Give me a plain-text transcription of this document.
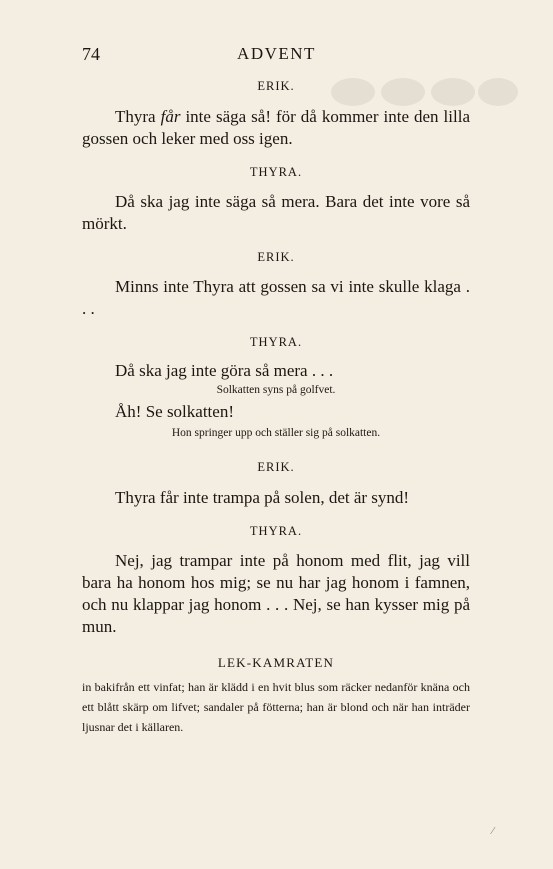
74	ADVENT

ERIK.

Thyra får inte säga så! för då kommer inte den lilla gossen och leker med oss igen.

THYRA.

Då ska jag inte säga så mera. Bara det inte vore så mörkt.

ERIK.

Minns inte Thyra att gossen sa vi inte skulle klaga . . .

THYRA.

Då ska jag inte göra så mera . . .

Solkatten syns på golfvet.

Åh! Se solkatten!

Hon springer upp och ställer sig på solkatten.

ERIK.

Thyra får inte trampa på solen, det är synd!

THYRA.

Nej, jag trampar inte på honom med flit, jag vill bara ha honom hos mig; se nu har jag honom i famnen, och nu klappar jag honom . . . Nej, se han kysser mig på mun.

LEK-KAMRATEN

in bakifrån ett vinfat; han är klädd i en hvit blus som räcker nedanför knäna och ett blått skärp om lifvet; sandaler på fötterna; han är blond och när han inträder ljusnar det i källaren.

⁄
